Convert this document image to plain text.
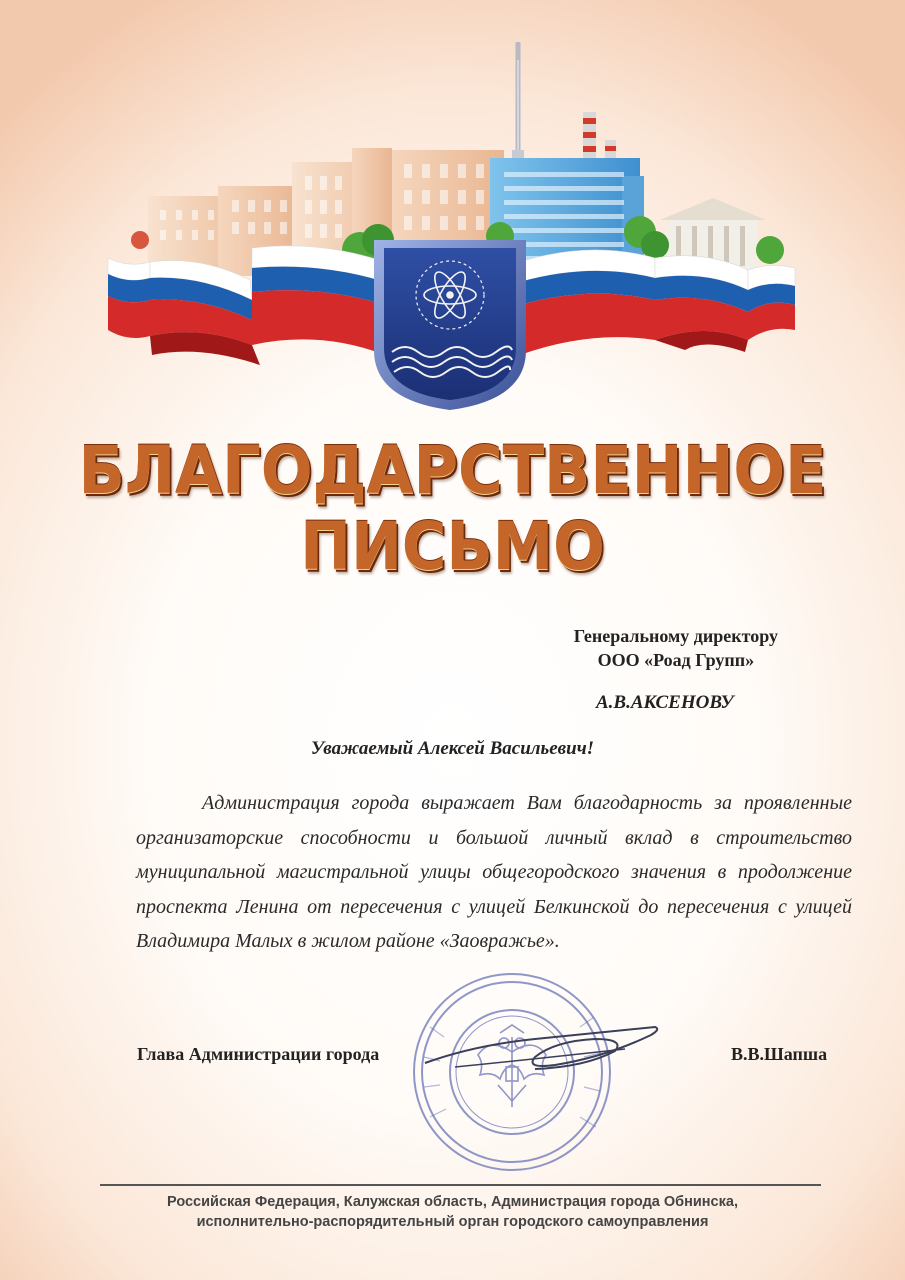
БЛАГОДАРСТВЕННОЕ
ПИСЬМО
Генеральному директору
ООО «Роад Групп»
А.В.АКСЕНОВУ
Уважаемый Алексей Васильевич!

Администрация города выражает Вам благодарность за проявленные организаторские способности и большой личный вклад в строительство муниципальной магистральной улицы общегородского значения в продолжение проспекта Ленина от пересечения с улицей Белкинской до пересечения с улицей Владимира Малых в жилом районе «Заовражье».

Глава Администрации города	В.В.Шапша
Российская Федерация, Калужская область, Администрация города Обнинска,
исполнительно-распорядительный орган городского самоуправления
